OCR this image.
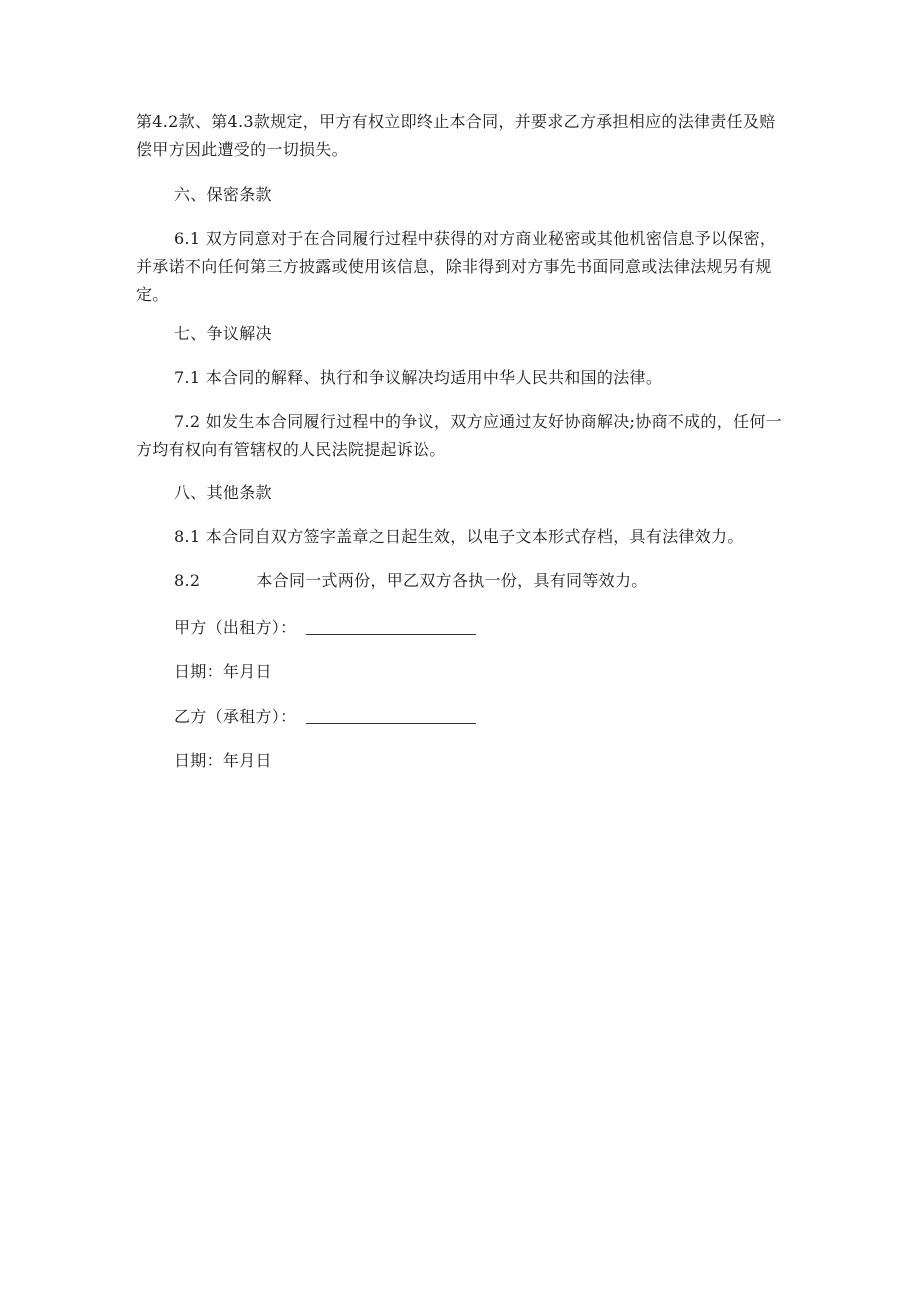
第4.2款、第4.3款规定，甲方有权立即终止本合同，并要求乙方承担相应的法律责任及赔偿甲方因此遭受的一切损失。

六、保密条款

6.1 双方同意对于在合同履行过程中获得的对方商业秘密或其他机密信息予以保密，并承诺不向任何第三方披露或使用该信息，除非得到对方事先书面同意或法律法规另有规定。

七、争议解决

7.1 本合同的解释、执行和争议解决均适用中华人民共和国的法律。

7.2 如发生本合同履行过程中的争议，双方应通过友好协商解决;协商不成的，任何一方均有权向有管辖权的人民法院提起诉讼。

八、其他条款

8.1 本合同自双方签字盖章之日起生效，以电子文本形式存档，具有法律效力。

8.2	本合同一式两份，甲乙双方各执一份，具有同等效力。

甲方（出租方）：

日期：年月日

乙方（承租方）：

日期：年月日
